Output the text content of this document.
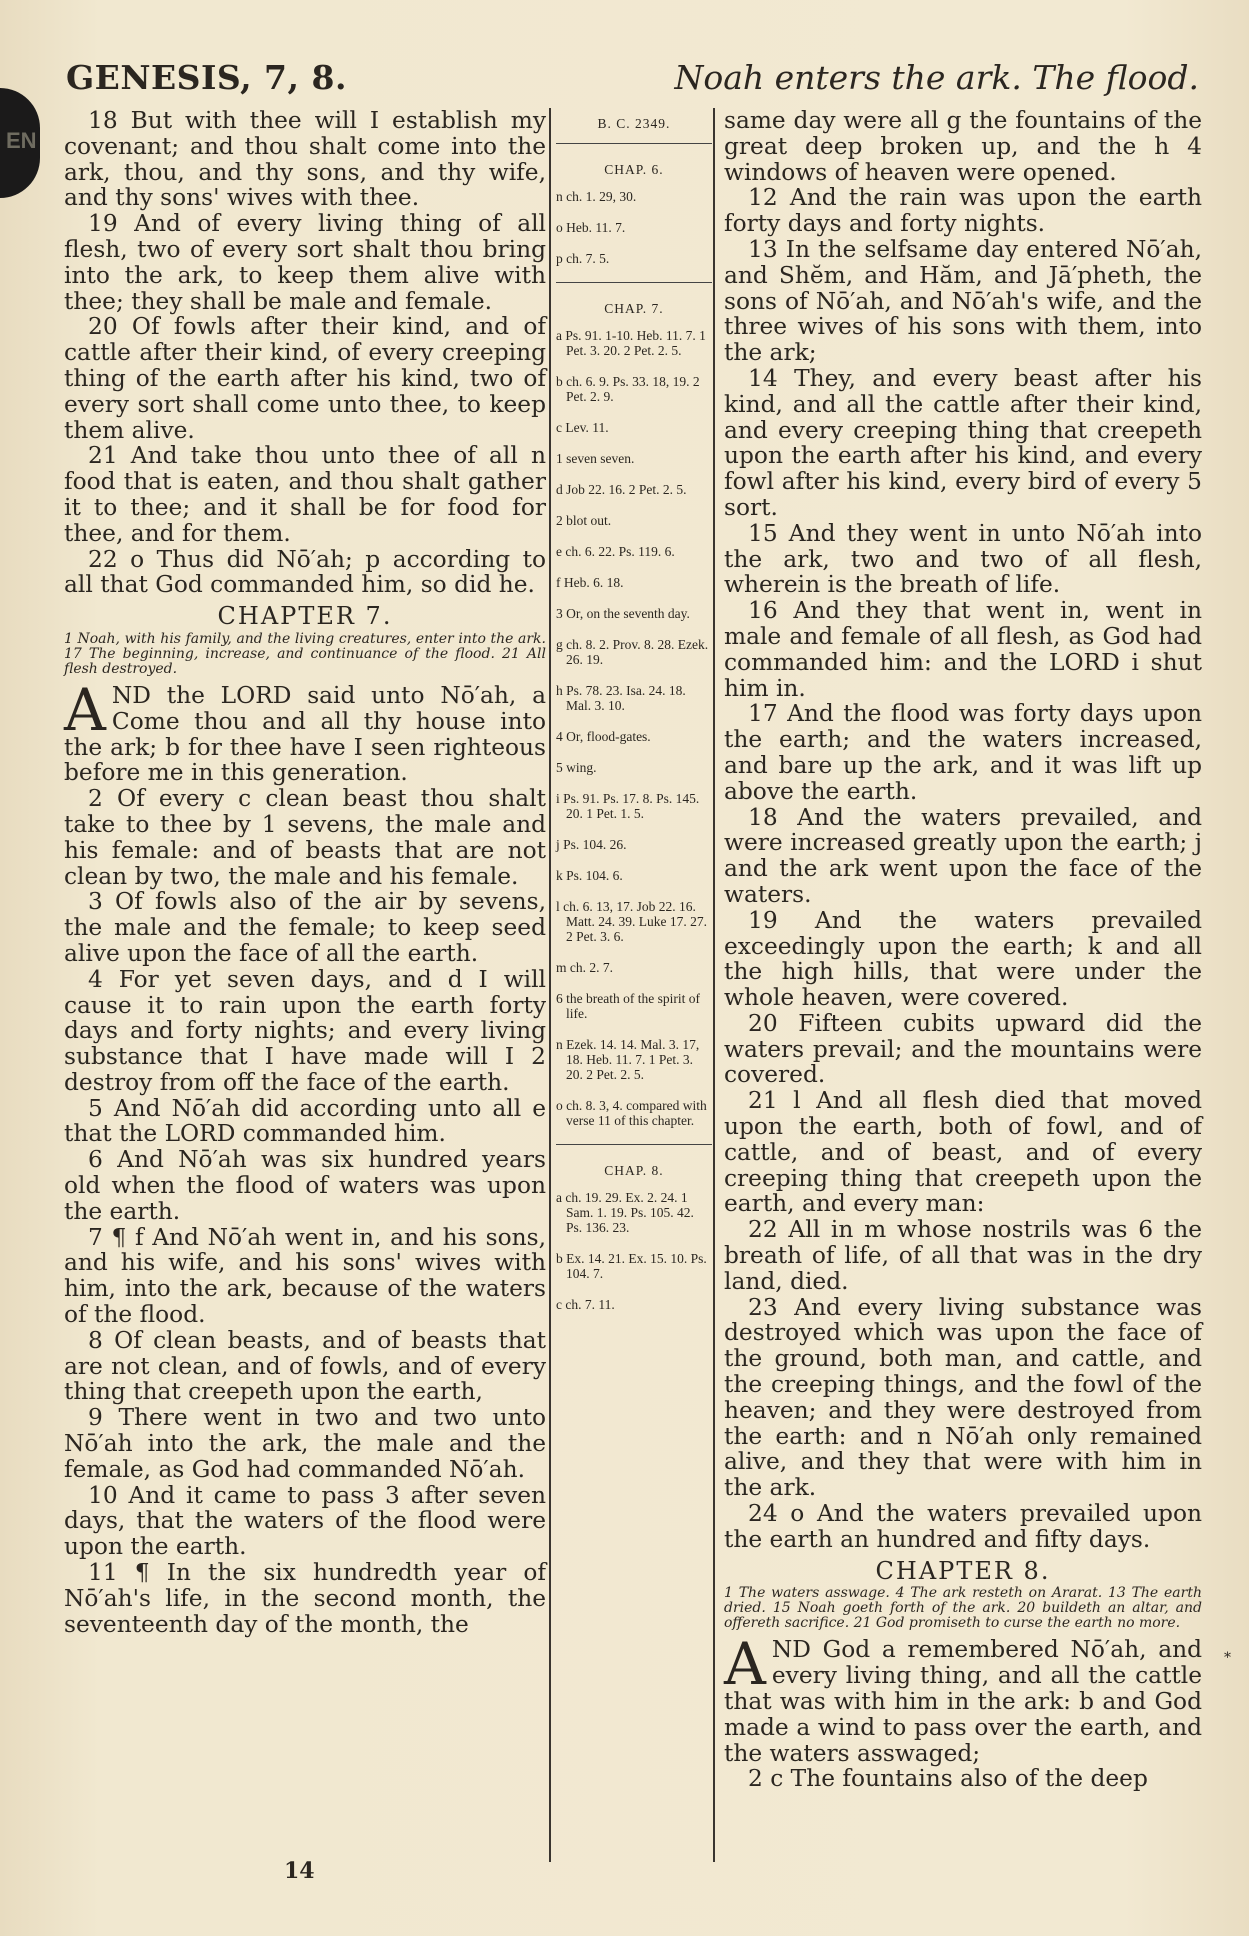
EN
GENESIS, 7, 8.	Noah enters the ark. The flood.

18 But with thee will I establish my covenant; and thou shalt come into the ark, thou, and thy sons, and thy wife, and thy sons' wives with thee.

19 And of every living thing of all flesh, two of every sort shalt thou bring into the ark, to keep them alive with thee; they shall be male and female.

20 Of fowls after their kind, and of cattle after their kind, of every creeping thing of the earth after his kind, two of every sort shall come unto thee, to keep them alive.

21 And take thou unto thee of all n food that is eaten, and thou shalt gather it to thee; and it shall be for food for thee, and for them.

22 o Thus did Nō′ah; p according to all that God commanded him, so did he.

CHAPTER 7.
1 Noah, with his family, and the living creatures, enter into the ark. 17 The beginning, increase, and continuance of the flood. 21 All flesh destroyed.
A ND the LORD said unto Nō′ah, a Come thou and all thy house into the ark; b for thee have I seen righteous before me in this generation.

2 Of every c clean beast thou shalt take to thee by 1 sevens, the male and his female: and of beasts that are not clean by two, the male and his female.

3 Of fowls also of the air by sevens, the male and the female; to keep seed alive upon the face of all the earth.

4 For yet seven days, and d I will cause it to rain upon the earth forty days and forty nights; and every living substance that I have made will I 2 destroy from off the face of the earth.

5 And Nō′ah did according unto all e that the LORD commanded him.

6 And Nō′ah was six hundred years old when the flood of waters was upon the earth.

7 ¶ f And Nō′ah went in, and his sons, and his wife, and his sons' wives with him, into the ark, because of the waters of the flood.

8 Of clean beasts, and of beasts that are not clean, and of fowls, and of every thing that creepeth upon the earth,

9 There went in two and two unto Nō′ah into the ark, the male and the female, as God had commanded Nō′ah.

10 And it came to pass 3 after seven days, that the waters of the flood were upon the earth.

11 ¶ In the six hundredth year of Nō′ah's life, in the second month, the seventeenth day of the month, the

B. C. 2349.
CHAP. 6.
n ch. 1. 29, 30.
o Heb. 11. 7.
p ch. 7. 5.
CHAP. 7.
a Ps. 91. 1-10. Heb. 11. 7. 1 Pet. 3. 20. 2 Pet. 2. 5.
b ch. 6. 9. Ps. 33. 18, 19. 2 Pet. 2. 9.
c Lev. 11.
1 seven seven.
d Job 22. 16. 2 Pet. 2. 5.
2 blot out.
e ch. 6. 22. Ps. 119. 6.
f Heb. 6. 18.
3 Or, on the seventh day.
g ch. 8. 2. Prov. 8. 28. Ezek. 26. 19.
h Ps. 78. 23. Isa. 24. 18. Mal. 3. 10.
4 Or, flood-gates.
5 wing.
i Ps. 91. Ps. 17. 8. Ps. 145. 20. 1 Pet. 1. 5.
j Ps. 104. 26.
k Ps. 104. 6.
l ch. 6. 13, 17. Job 22. 16. Matt. 24. 39. Luke 17. 27. 2 Pet. 3. 6.
m ch. 2. 7.
6 the breath of the spirit of life.
n Ezek. 14. 14. Mal. 3. 17, 18. Heb. 11. 7. 1 Pet. 3. 20. 2 Pet. 2. 5.
o ch. 8. 3, 4. compared with verse 11 of this chapter.
CHAP. 8.
a ch. 19. 29. Ex. 2. 24. 1 Sam. 1. 19. Ps. 105. 42. Ps. 136. 23.
b Ex. 14. 21. Ex. 15. 10. Ps. 104. 7.
c ch. 7. 11.

same day were all g the fountains of the great deep broken up, and the h 4 windows of heaven were opened.

12 And the rain was upon the earth forty days and forty nights.

13 In the selfsame day entered Nō′ah, and Shĕm, and Hăm, and Jā′pheth, the sons of Nō′ah, and Nō′ah's wife, and the three wives of his sons with them, into the ark;

14 They, and every beast after his kind, and all the cattle after their kind, and every creeping thing that creepeth upon the earth after his kind, and every fowl after his kind, every bird of every 5 sort.

15 And they went in unto Nō′ah into the ark, two and two of all flesh, wherein is the breath of life.

16 And they that went in, went in male and female of all flesh, as God had commanded him: and the LORD i shut him in.

17 And the flood was forty days upon the earth; and the waters increased, and bare up the ark, and it was lift up above the earth.

18 And the waters prevailed, and were increased greatly upon the earth; j and the ark went upon the face of the waters.

19 And the waters prevailed exceedingly upon the earth; k and all the high hills, that were under the whole heaven, were covered.

20 Fifteen cubits upward did the waters prevail; and the mountains were covered.

21 l And all flesh died that moved upon the earth, both of fowl, and of cattle, and of beast, and of every creeping thing that creepeth upon the earth, and every man:

22 All in m whose nostrils was 6 the breath of life, of all that was in the dry land, died.

23 And every living substance was destroyed which was upon the face of the ground, both man, and cattle, and the creeping things, and the fowl of the heaven; and they were destroyed from the earth: and n Nō′ah only remained alive, and they that were with him in the ark.

24 o And the waters prevailed upon the earth an hundred and fifty days.

CHAPTER 8.
1 The waters asswage. 4 The ark resteth on Ararat. 13 The earth dried. 15 Noah goeth forth of the ark. 20 buildeth an altar, and offereth sacrifice. 21 God promiseth to curse the earth no more.
A ND God a remembered Nō′ah, and every living thing, and all the cattle that was with him in the ark: b and God made a wind to pass over the earth, and the waters asswaged;

2 c The fountains also of the deep

*
14
